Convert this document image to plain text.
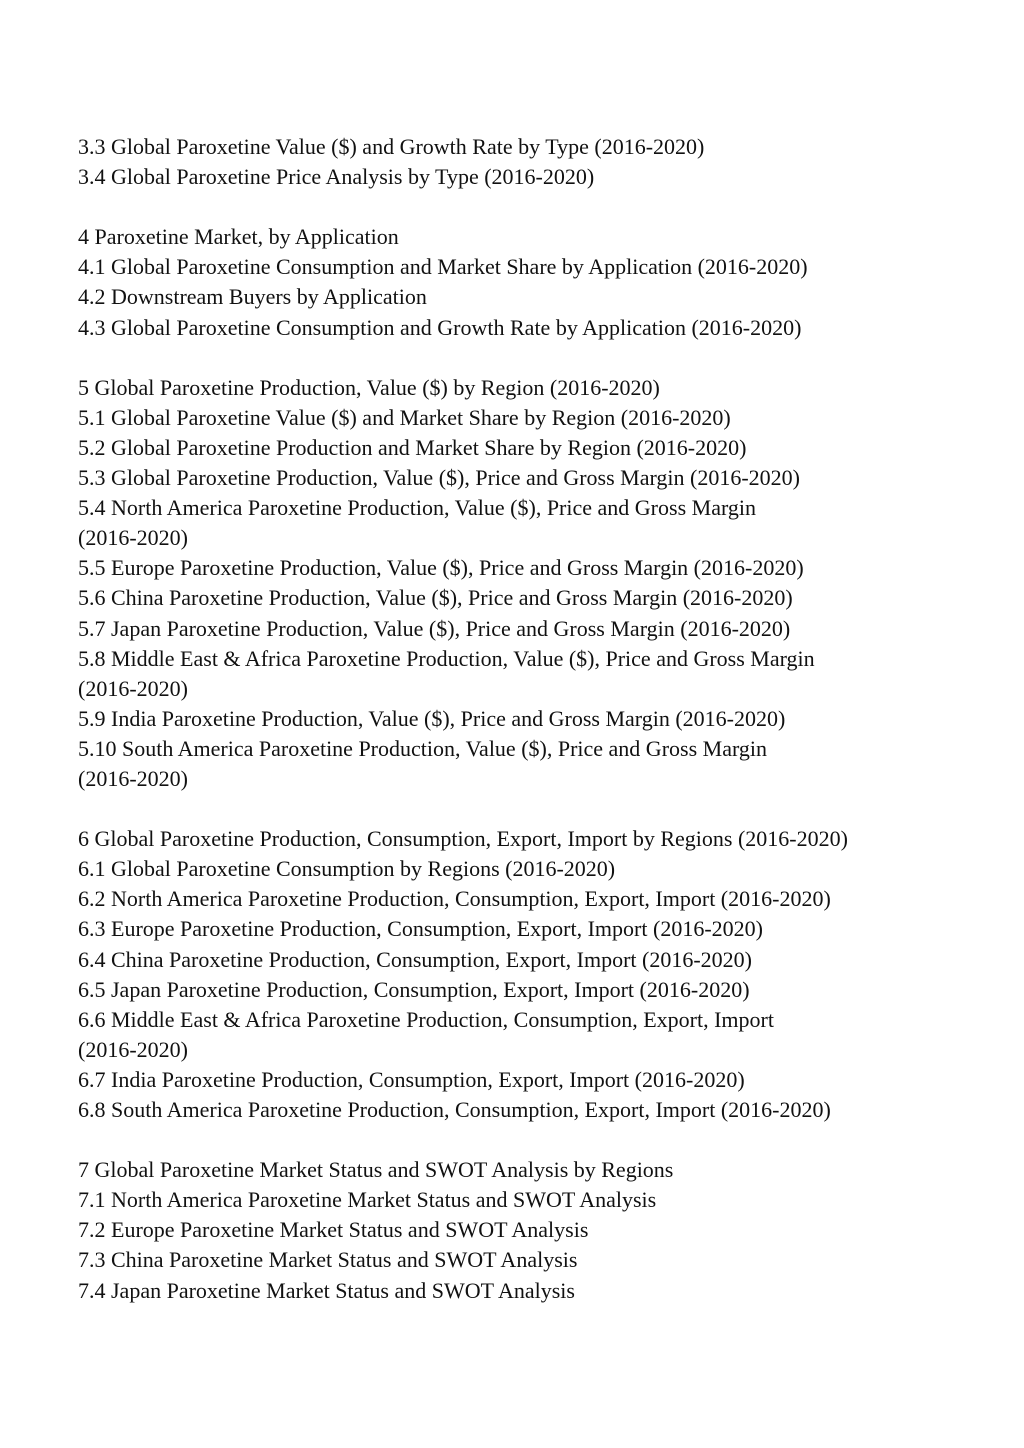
3.3 Global Paroxetine Value ($) and Growth Rate by Type (2016-2020)
3.4 Global Paroxetine Price Analysis by Type (2016-2020)
4 Paroxetine Market, by Application
4.1 Global Paroxetine Consumption and Market Share by Application (2016-2020)
4.2 Downstream Buyers by Application
4.3 Global Paroxetine Consumption and Growth Rate by Application (2016-2020)
5 Global Paroxetine Production, Value ($) by Region (2016-2020)
5.1 Global Paroxetine Value ($) and Market Share by Region (2016-2020)
5.2 Global Paroxetine Production and Market Share by Region (2016-2020)
5.3 Global Paroxetine Production, Value ($), Price and Gross Margin (2016-2020)
5.4 North America Paroxetine Production, Value ($), Price and Gross Margin
(2016-2020)
5.5 Europe Paroxetine Production, Value ($), Price and Gross Margin (2016-2020)
5.6 China Paroxetine Production, Value ($), Price and Gross Margin (2016-2020)
5.7 Japan Paroxetine Production, Value ($), Price and Gross Margin (2016-2020)
5.8 Middle East & Africa Paroxetine Production, Value ($), Price and Gross Margin
(2016-2020)
5.9 India Paroxetine Production, Value ($), Price and Gross Margin (2016-2020)
5.10 South America Paroxetine Production, Value ($), Price and Gross Margin
(2016-2020)
6 Global Paroxetine Production, Consumption, Export, Import by Regions (2016-2020)
6.1 Global Paroxetine Consumption by Regions (2016-2020)
6.2 North America Paroxetine Production, Consumption, Export, Import (2016-2020)
6.3 Europe Paroxetine Production, Consumption, Export, Import (2016-2020)
6.4 China Paroxetine Production, Consumption, Export, Import (2016-2020)
6.5 Japan Paroxetine Production, Consumption, Export, Import (2016-2020)
6.6 Middle East & Africa Paroxetine Production, Consumption, Export, Import
(2016-2020)
6.7 India Paroxetine Production, Consumption, Export, Import (2016-2020)
6.8 South America Paroxetine Production, Consumption, Export, Import (2016-2020)
7 Global Paroxetine Market Status and SWOT Analysis by Regions
7.1 North America Paroxetine Market Status and SWOT Analysis
7.2 Europe Paroxetine Market Status and SWOT Analysis
7.3 China Paroxetine Market Status and SWOT Analysis
7.4 Japan Paroxetine Market Status and SWOT Analysis
